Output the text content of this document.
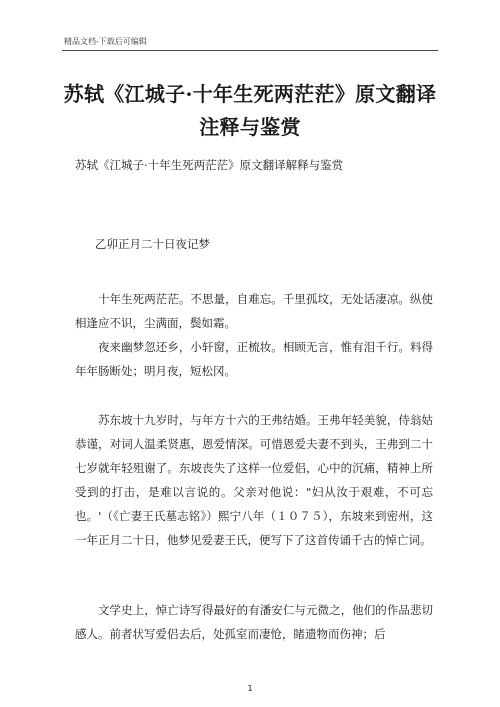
精品文档-下载后可编辑
苏轼《江城子·十年生死两茫茫》原文翻译注释与鉴赏
苏轼《江城子·十年生死两茫茫》原文翻译解释与鉴赏
乙卯正月二十日夜记梦

十年生死两茫茫。不思量，自难忘。千里孤坟，无处话凄凉。纵使相逢应不识，尘满面，鬓如霜。

夜来幽梦忽还乡，小轩窗，正梳妆。相顾无言，惟有泪千行。料得年年肠断处；明月夜，短松冈。

苏东坡十九岁时，与年方十六的王弗结婚。王弗年轻美貌，侍翁姑恭谨，对词人温柔贤惠，恩爱情深。可惜恩爱夫妻不到头，王弗到二十七岁就年轻殂谢了。东坡丧失了这样一位爱侣，心中的沉痛，精神上所受到的打击，是难以言说的。父亲对他说："妇从汝于艰难，不可忘也。'（《亡妻王氏墓志铭》）熙宁八年（１０７５），东坡来到密州，这一年正月二十日，他梦见爱妻王氏，便写下了这首传诵千古的悼亡词。

文学史上，悼亡诗写得最好的有潘安仁与元微之，他们的作品悲切感人。前者状写爱侣去后，处孤室而凄怆，睹遗物而伤神；后

1
